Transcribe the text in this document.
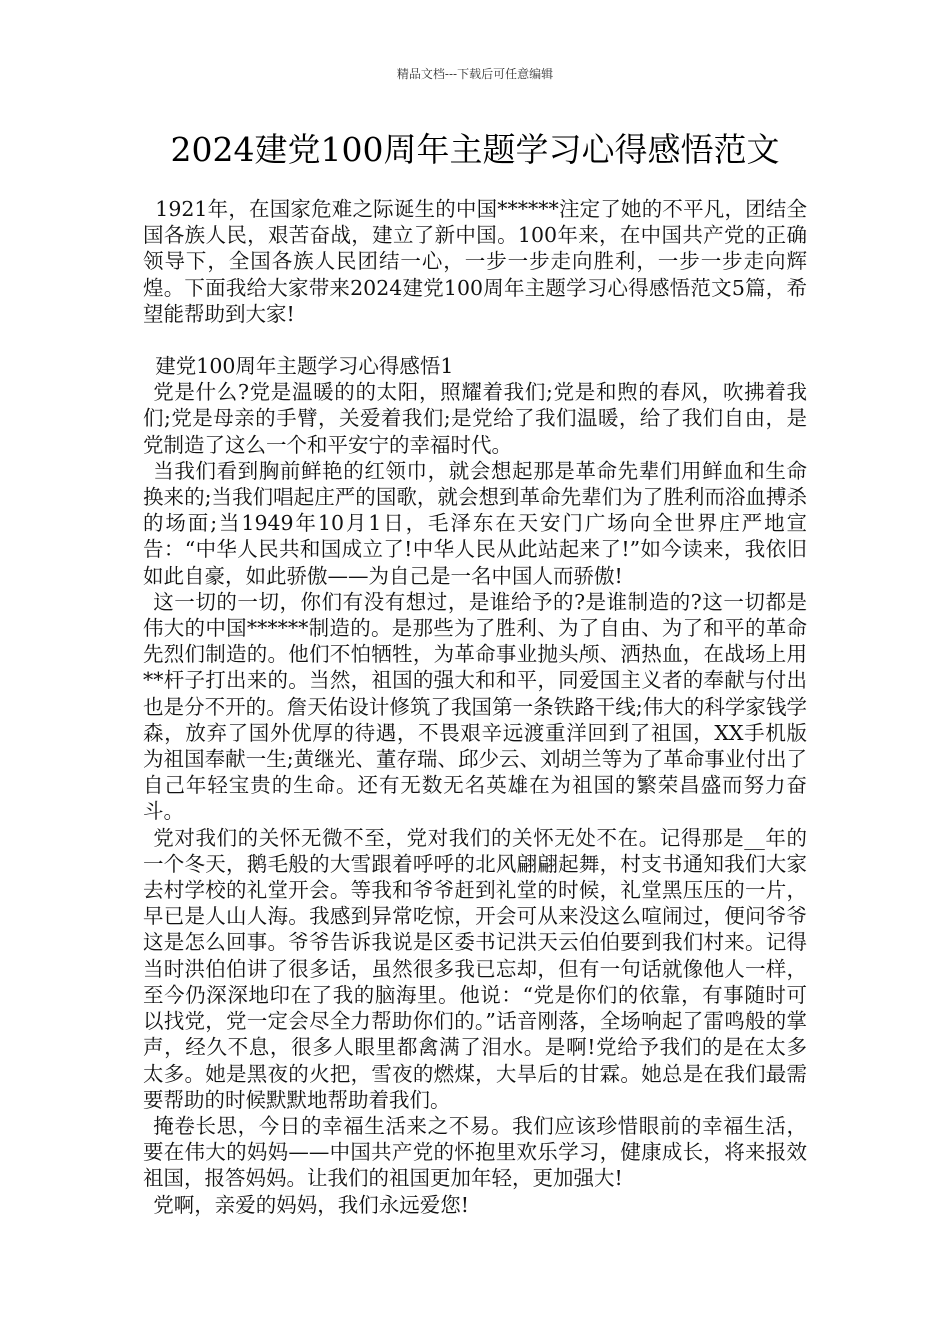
精品文档---下载后可任意编辑
2024建党100周年主题学习心得感悟范文

1921年，在国家危难之际诞生的中国******注定了她的不平凡，团结全国各族人民，艰苦奋战，建立了新中国。100年来，在中国共产党的正确领导下，全国各族人民团结一心，一步一步走向胜利，一步一步走向辉煌。下面我给大家带来2024建党100周年主题学习心得感悟范文5篇，希望能帮助到大家!

建党100周年主题学习心得感悟1

党是什么?党是温暖的的太阳，照耀着我们;党是和煦的春风，吹拂着我们;党是母亲的手臂，关爱着我们;是党给了我们温暖，给了我们自由，是党制造了这么一个和平安宁的幸福时代。

当我们看到胸前鲜艳的红领巾，就会想起那是革命先辈们用鲜血和生命换来的;当我们唱起庄严的国歌，就会想到革命先辈们为了胜利而浴血搏杀的场面;当1949年10月1日，毛泽东在天安门广场向全世界庄严地宣告：“中华人民共和国成立了!中华人民从此站起来了!”如今读来，我依旧如此自豪，如此骄傲——为自己是一名中国人而骄傲!

这一切的一切，你们有没有想过，是谁给予的?是谁制造的?这一切都是伟大的中国******制造的。是那些为了胜利、为了自由、为了和平的革命先烈们制造的。他们不怕牺牲，为革命事业抛头颅、洒热血，在战场上用**杆子打出来的。当然，祖国的强大和和平，同爱国主义者的奉献与付出也是分不开的。詹天佑设计修筑了我国第一条铁路干线;伟大的科学家钱学森，放弃了国外优厚的待遇，不畏艰辛远渡重洋回到了祖国，XX手机版为祖国奉献一生;黄继光、董存瑞、邱少云、刘胡兰等为了革命事业付出了自己年轻宝贵的生命。还有无数无名英雄在为祖国的繁荣昌盛而努力奋斗。

党对我们的关怀无微不至，党对我们的关怀无处不在。记得那是__年的一个冬天，鹅毛般的大雪跟着呼呼的北风翩翩起舞，村支书通知我们大家去村学校的礼堂开会。等我和爷爷赶到礼堂的时候，礼堂黑压压的一片，早已是人山人海。我感到异常吃惊，开会可从来没这么喧闹过，便问爷爷这是怎么回事。爷爷告诉我说是区委书记洪天云伯伯要到我们村来。记得当时洪伯伯讲了很多话，虽然很多我已忘却，但有一句话就像他人一样，至今仍深深地印在了我的脑海里。他说：“党是你们的依靠，有事随时可以找党，党一定会尽全力帮助你们的。”话音刚落，全场响起了雷鸣般的掌声，经久不息，很多人眼里都禽满了泪水。是啊!党给予我们的是在太多太多。她是黑夜的火把，雪夜的燃煤，大旱后的甘霖。她总是在我们最需要帮助的时候默默地帮助着我们。

掩卷长思，今日的幸福生活来之不易。我们应该珍惜眼前的幸福生活，要在伟大的妈妈——中国共产党的怀抱里欢乐学习，健康成长，将来报效祖国，报答妈妈。让我们的祖国更加年轻，更加强大!

党啊，亲爱的妈妈，我们永远爱您!
